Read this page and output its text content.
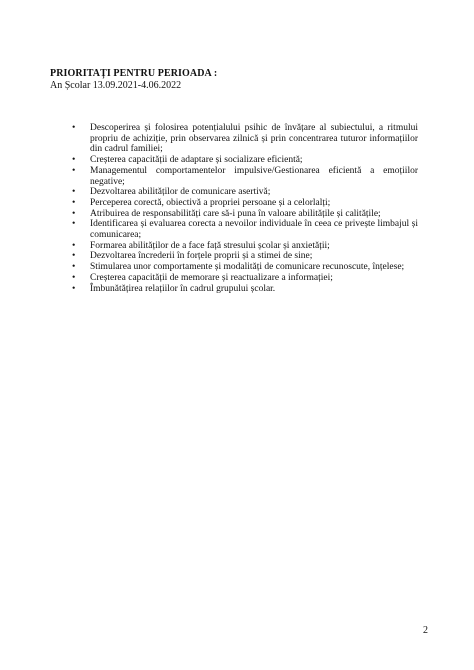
PRIORITAȚI PENTRU PERIOADA :
An Școlar 13.09.2021-4.06.2022
• Descoperirea și folosirea potențialului psihic de învățare al subiectului, a ritmului propriu de achiziție, prin observarea zilnică și prin concentrarea tuturor informațiilor din cadrul familiei;
• Creșterea capacității de adaptare și socializare eficientă;
• Managementul comportamentelor impulsive/Gestionarea eficientă a emoțiilor negative;
• Dezvoltarea abilităților de comunicare asertivă;
• Perceperea corectă, obiectivă a propriei persoane și a celorlalți;
• Atribuirea de responsabilități care să-i puna în valoare abilitățile și calitățile;
• Identificarea și evaluarea corecta a nevoilor individuale în ceea ce privește limbajul și comunicarea;
• Formarea abilităților de a face față stresului școlar și anxietății;
• Dezvoltarea încrederii în forțele proprii și a stimei de sine;
• Stimularea unor comportamente și modalități de comunicare recunoscute, înțelese;
• Creșterea capacității de memorare și reactualizare a informației;
• Îmbunătățirea relațiilor în cadrul grupului școlar.
2
